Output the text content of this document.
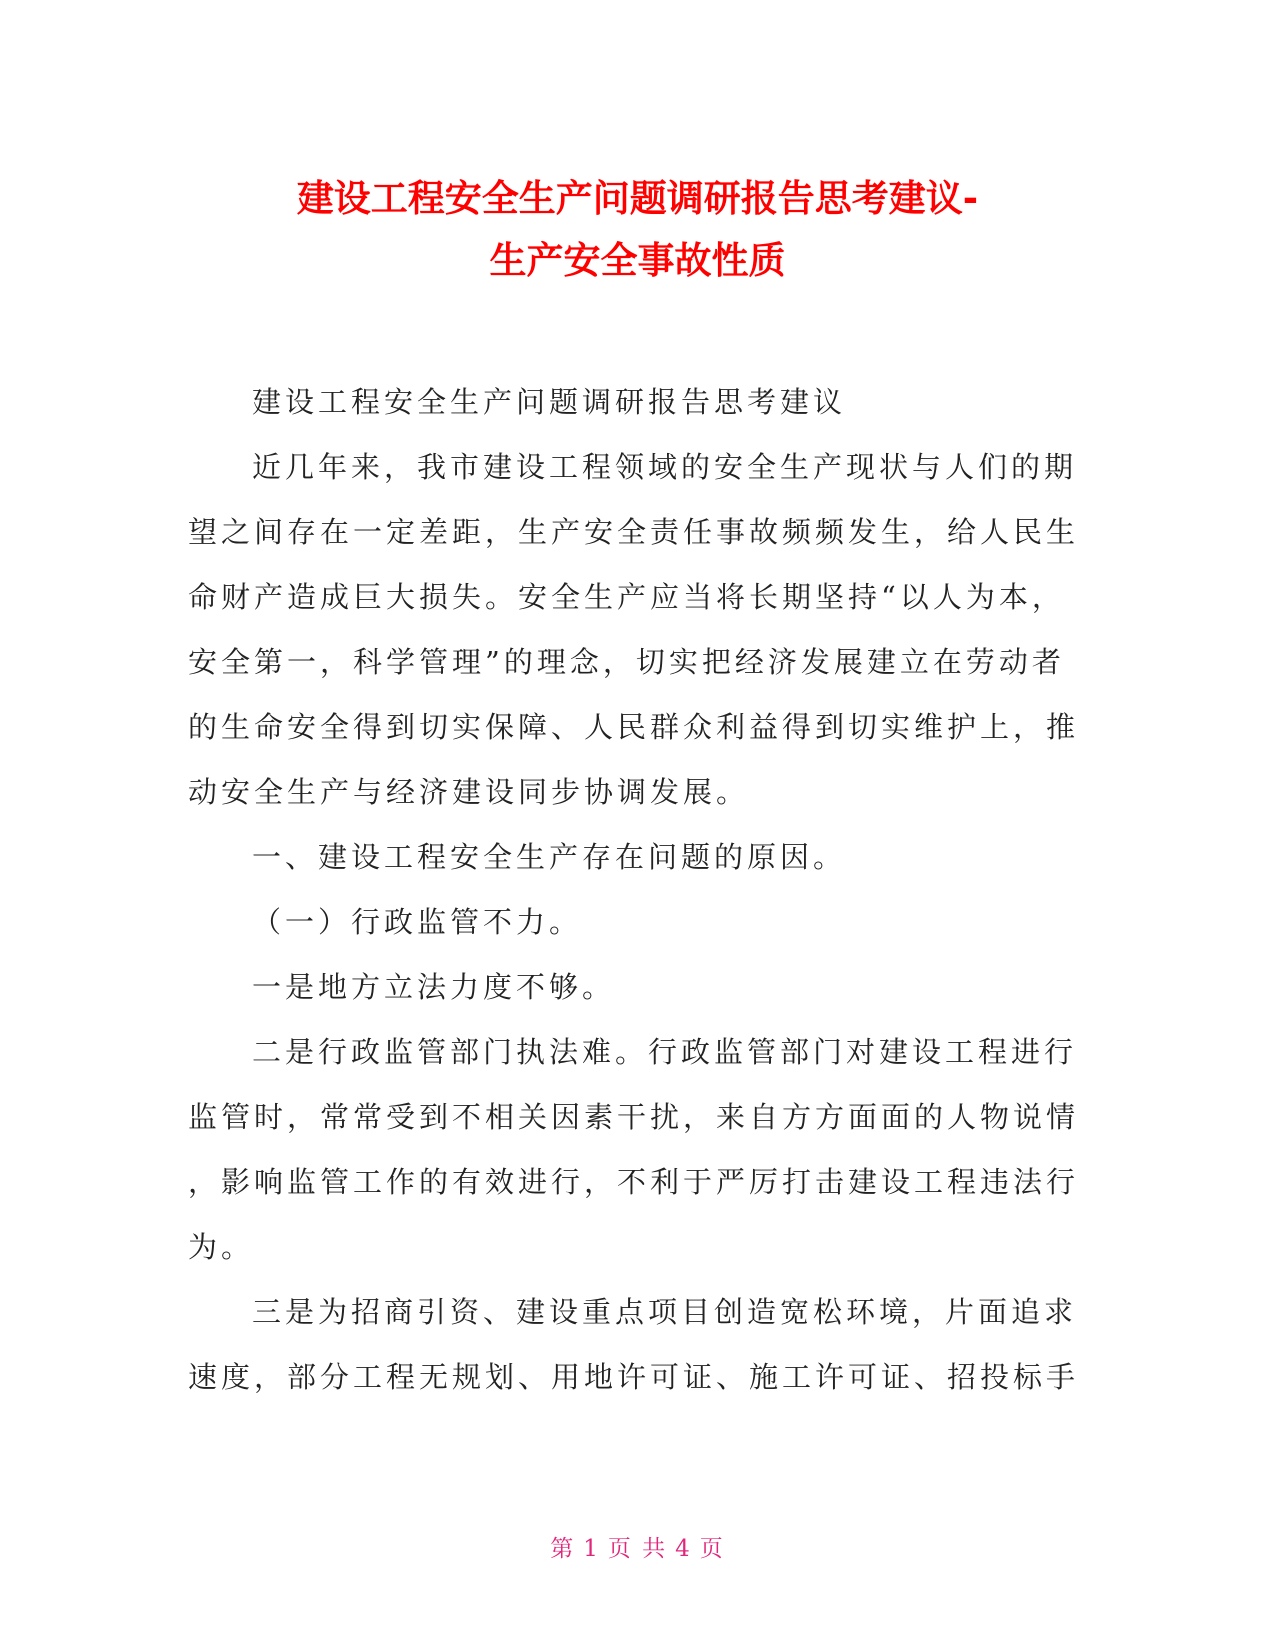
建设工程安全生产问题调研报告思考建议-
生产安全事故性质
建设工程安全生产问题调研报告思考建议
近几年来，我市建设工程领域的安全生产现状与人们的期
望之间存在一定差距，生产安全责任事故频频发生，给人民生
命财产造成巨大损失。安全生产应当将长期坚持“以人为本，
安全第一，科学管理”的理念，切实把经济发展建立在劳动者
的生命安全得到切实保障、人民群众利益得到切实维护上，推
动安全生产与经济建设同步协调发展。
一、建设工程安全生产存在问题的原因。
（一）行政监管不力。
一是地方立法力度不够。
二是行政监管部门执法难。行政监管部门对建设工程进行
监管时，常常受到不相关因素干扰，来自方方面面的人物说情
，影响监管工作的有效进行，不利于严厉打击建设工程违法行
为。
三是为招商引资、建设重点项目创造宽松环境，片面追求
速度，部分工程无规划、用地许可证、施工许可证、招投标手
第 1 页 共 4 页
